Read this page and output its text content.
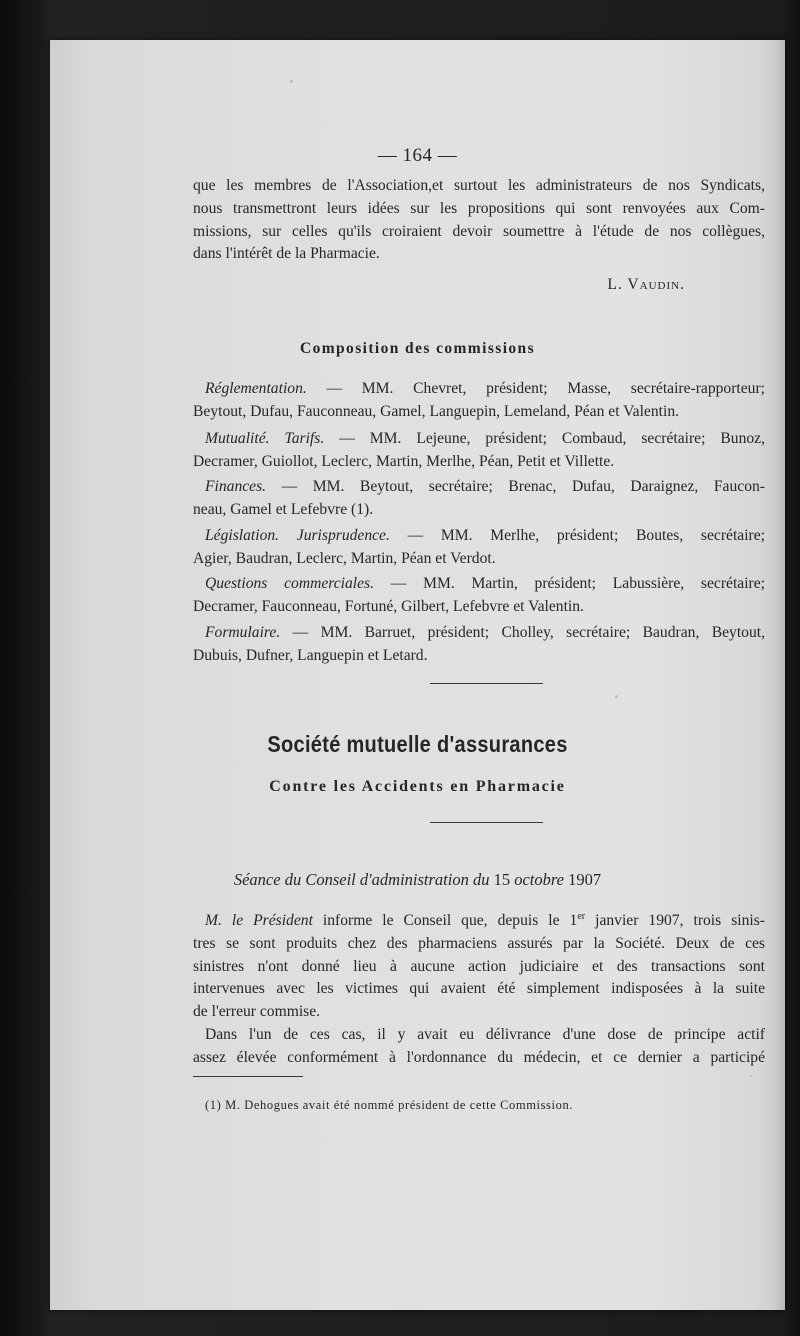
— 164 —
que les membres de l'Association,et surtout les administrateurs de nos Syndicats,
nous transmettront leurs idées sur les propositions qui sont renvoyées aux Com-
missions, sur celles qu'ils croiraient devoir soumettre à l'étude de nos collègues,
dans l'intérêt de la Pharmacie.
L. Vaudin.
Composition des commissions
Réglementation. — MM. Chevret, président; Masse, secrétaire-rapporteur;
Beytout, Dufau, Fauconneau, Gamel, Languepin, Lemeland, Péan et Valentin.
Mutualité. Tarifs. — MM. Lejeune, président; Combaud, secrétaire; Bunoz,
Decramer, Guiollot, Leclerc, Martin, Merlhe, Péan, Petit et Villette.
Finances. — MM. Beytout, secrétaire; Brenac, Dufau, Daraignez, Faucon-
neau, Gamel et Lefebvre (1).
Législation. Jurisprudence. — MM. Merlhe, président; Boutes, secrétaire;
Agier, Baudran, Leclerc, Martin, Péan et Verdot.
Questions commerciales. — MM. Martin, président; Labussière, secrétaire;
Decramer, Fauconneau, Fortuné, Gilbert, Lefebvre et Valentin.
Formulaire. — MM. Barruet, président; Cholley, secrétaire; Baudran, Beytout,
Dubuis, Dufner, Languepin et Letard.
Société mutuelle d'assurances
Contre les Accidents en Pharmacie
Séance du Conseil d'administration du 15 octobre 1907
M. le Président informe le Conseil que, depuis le 1er janvier 1907, trois sinis-
tres se sont produits chez des pharmaciens assurés par la Société. Deux de ces
sinistres n'ont donné lieu à aucune action judiciaire et des transactions sont
intervenues avec les victimes qui avaient été simplement indisposées à la suite
de l'erreur commise.
Dans l'un de ces cas, il y avait eu délivrance d'une dose de principe actif
assez élevée conformément à l'ordonnance du médecin, et ce dernier a participé
(1) M. Dehogues avait été nommé président de cette Commission.
